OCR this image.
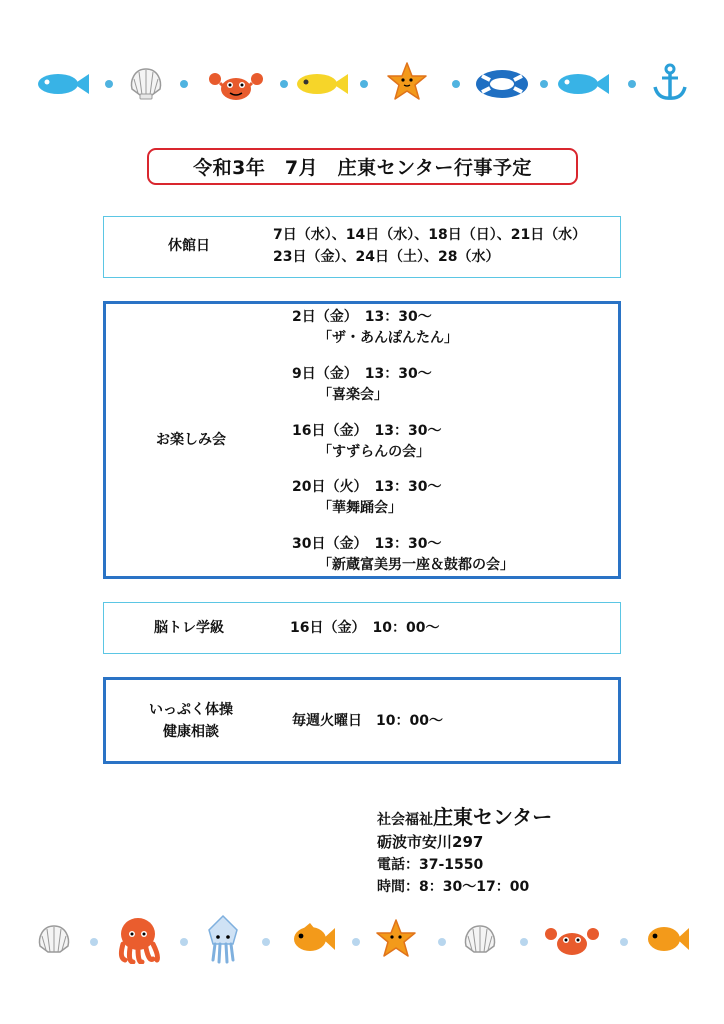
令和3年　7月　庄東センター行事予定
休館日
7日（水）、14日（水）、18日（日）、21日（水）
23日（金）、24日（土）、28（水）
お楽しみ会
2日（金）　13：30～
「ザ・あんぽんたん」
9日（金）　13：30～
「喜楽会」
16日（金）　13：30～
「すずらんの会」
20日（火）　13：30～
「華舞踊会」
30日（金）　13：30～
「新蔵富美男一座＆鼓都の会」
脳トレ学級	16日（金）　10：00～
いっぷく体操
健康相談
毎週火曜日　10：00～
社会福祉庄東センター
砺波市安川297
電話：37-1550
時間：8：30～17：00
